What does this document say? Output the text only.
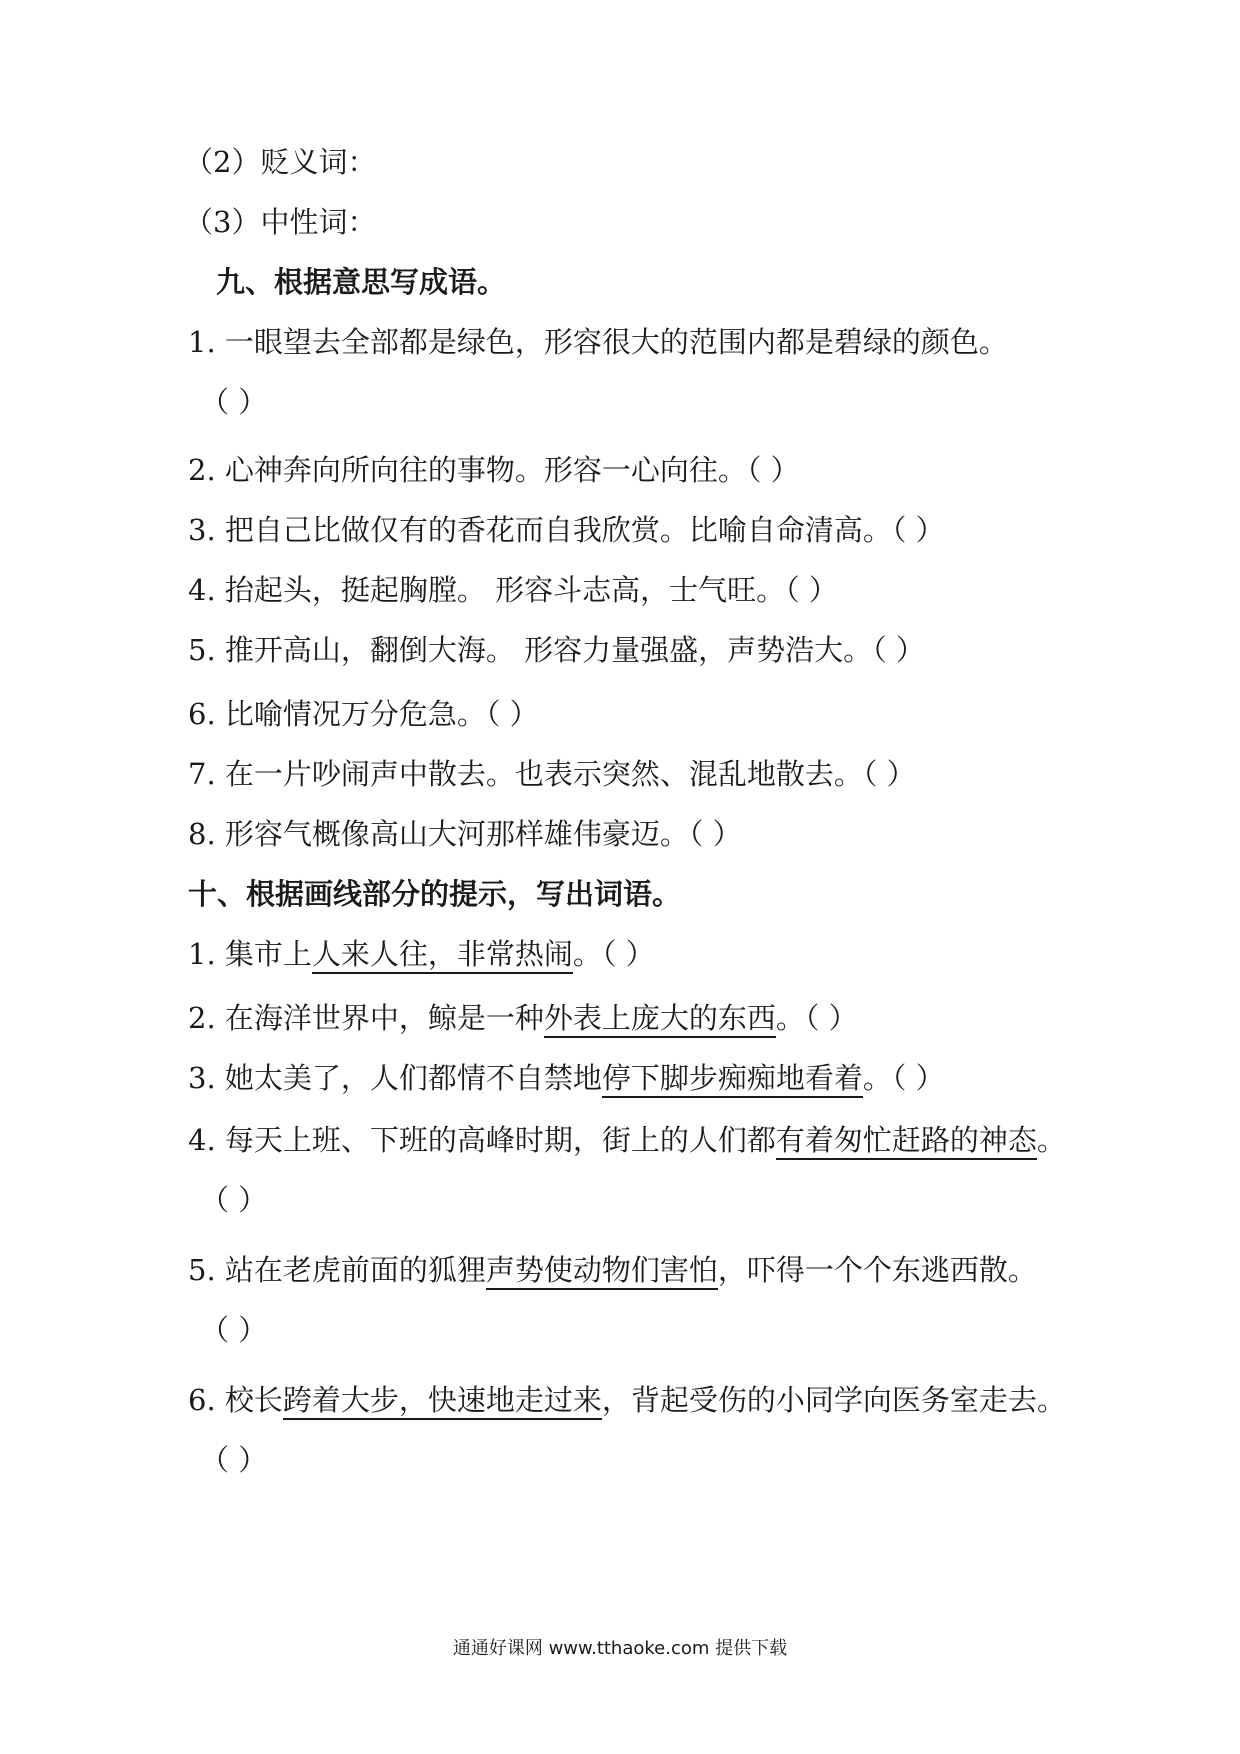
（2）贬义词：
（3）中性词：
九、根据意思写成语。
1. 一眼望去全部都是绿色，形容很大的范围内都是碧绿的颜色。
（ ）
2. 心神奔向所向往的事物。形容一心向往。（ ）
3. 把自己比做仅有的香花而自我欣赏。比喻自命清高。（ ）
4. 抬起头，挺起胸膛。 形容斗志高，士气旺。（ ）
5. 推开高山，翻倒大海。 形容力量强盛，声势浩大。（ ）
6. 比喻情况万分危急。（ ）
7. 在一片吵闹声中散去。也表示突然、混乱地散去。（ ）
8. 形容气概像高山大河那样雄伟豪迈。（ ）
十、根据画线部分的提示，写出词语。
1. 集市上人来人往，非常热闹。（ ）
2. 在海洋世界中，鲸是一种外表上庞大的东西。（ ）
3. 她太美了，人们都情不自禁地停下脚步痴痴地看着。（ ）
4. 每天上班、下班的高峰时期，街上的人们都有着匆忙赶路的神态。
（ ）
5. 站在老虎前面的狐狸声势使动物们害怕，吓得一个个东逃西散。
（ ）
6. 校长跨着大步，快速地走过来，背起受伤的小同学向医务室走去。
（ ）
通通好课网 www.tthaoke.com 提供下载
